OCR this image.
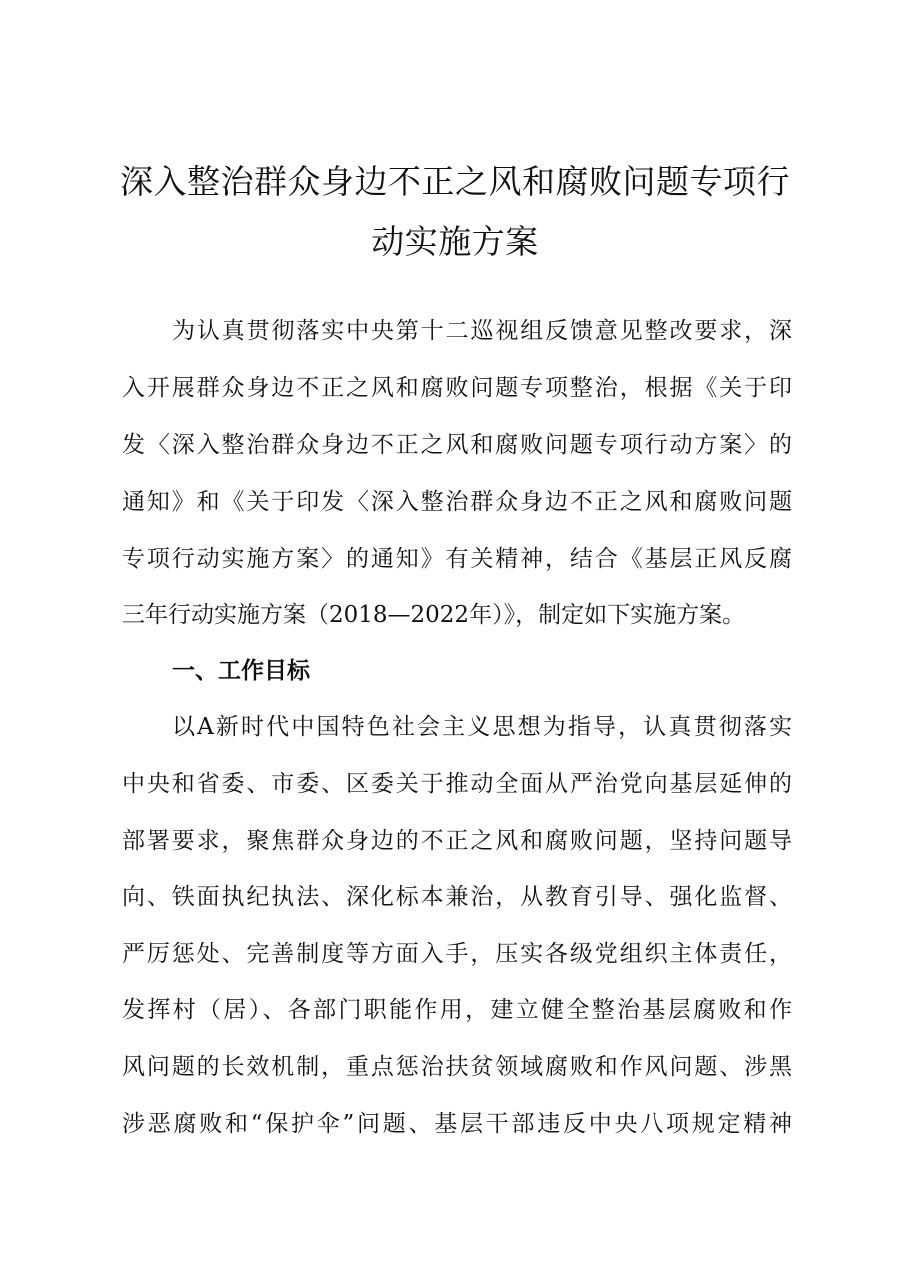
深入整治群众身边不正之风和腐败问题专项行
动实施方案
为认真贯彻落实中央第十二巡视组反馈意见整改要求，深
入开展群众身边不正之风和腐败问题专项整治，根据《关于印
发〈深入整治群众身边不正之风和腐败问题专项行动方案〉的
通知》和《关于印发〈深入整治群众身边不正之风和腐败问题
专项行动实施方案〉的通知》有关精神，结合《基层正风反腐
三年行动实施方案（2018—2022年）》，制定如下实施方案。
一、工作目标
以A新时代中国特色社会主义思想为指导，认真贯彻落实
中央和省委、市委、区委关于推动全面从严治党向基层延伸的
部署要求，聚焦群众身边的不正之风和腐败问题，坚持问题导
向、铁面执纪执法、深化标本兼治，从教育引导、强化监督、
严厉惩处、完善制度等方面入手，压实各级党组织主体责任，
发挥村（居）、各部门职能作用，建立健全整治基层腐败和作
风问题的长效机制，重点惩治扶贫领域腐败和作风问题、涉黑
涉恶腐败和“保护伞”问题、基层干部违反中央八项规定精神
